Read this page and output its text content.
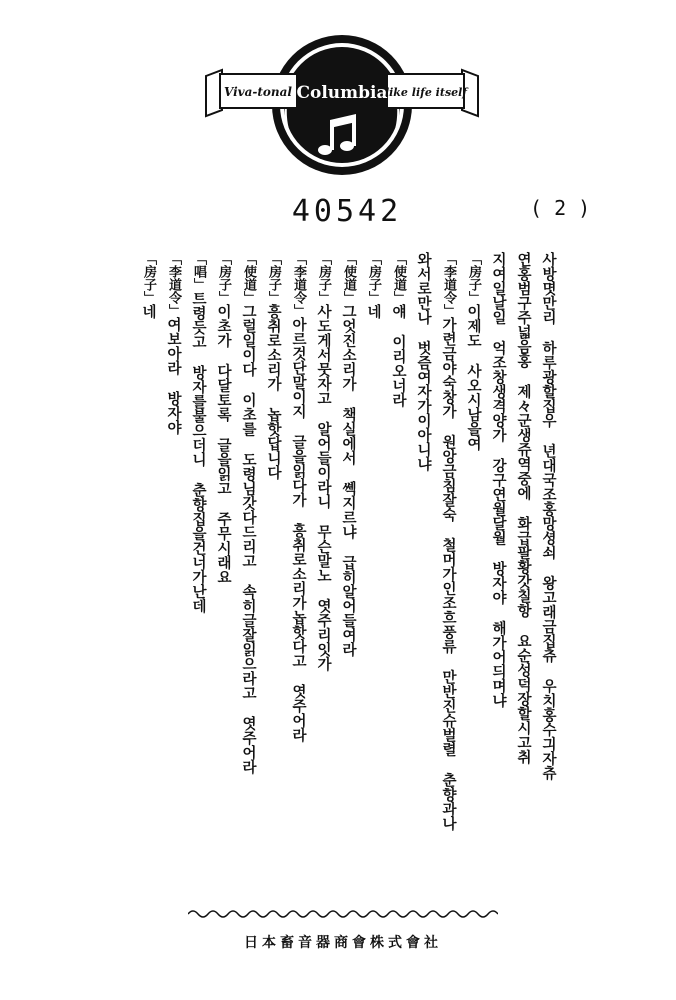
Columbia
Viva-tonal	like life itself
40542	( 2 )
사방몃만리 하루광할집우 년대국조홍망셩쇠 왕고래금집츄 우치홍수긔자츄
연홍범구주넓음홍 제々군생쥬역중에 화급팔황갓칠항 요순성덕장할시고취
지여일날일 억조창생격양가 강구연월달월 방자야 해가어듸며냐
「房子」이제도 사오시남을여
「李道令」가련금야숙창가 원앙금침잘숙 철머가인조흐풍류 만반진슈벌렬 춘향과나
와서로만나 벗즘여자가이아니냐
「使道」얘 이리오너라
「房子」네
「使道」그엇진소리가 책실에서 쎽지르냐 급히알어들여라
「房子」사도게서뭇자고 알어들이라니 무슨말노 엿주리잇가
「李道令」아르것단말이지 글을읽다가 흥취로소리가놉핫다고 엿주어라
「房子」흥취로소리가 놉핫답니다
「使道」그럴일이다 이초를 도령님갓다드리고 속히글잘읽으라고 엿주어라
「房子」이초가 다달토록 글을읽고 주무시래요
「唱」트령듯고 방자를불으더니 춘향집을건너가난데
「李道令」여보아라 방자야
「房子」네
日本畜音器商會株式會社
